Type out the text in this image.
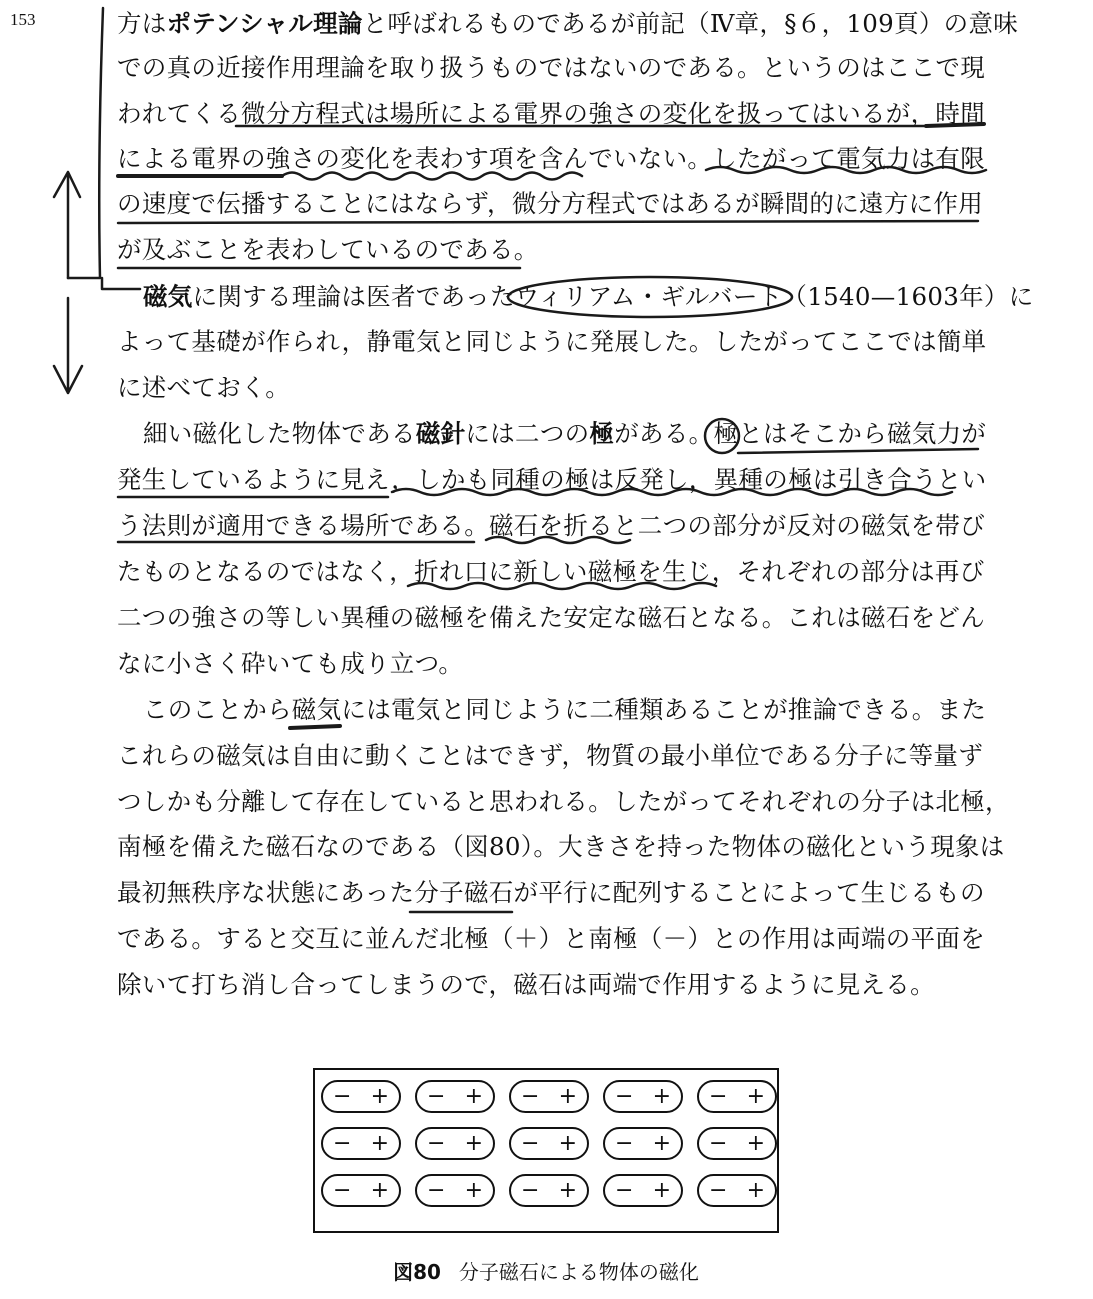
153	方はポテンシャル理論と呼ばれるものであるが前記（Ⅳ章，§６，109頁）の意味
での真の近接作用理論を取り扱うものではないのである。というのはここで現
われてくる微分方程式は場所による電界の強さの変化を扱ってはいるが，時間
による電界の強さの変化を表わす項を含んでいない。したがって電気力は有限
の速度で伝播することにはならず，微分方程式ではあるが瞬間的に遠方に作用
が及ぶことを表わしているのである。
磁気に関する理論は医者であったウィリアム・ギルバート（1540—1603年）に
よって基礎が作られ，静電気と同じように発展した。したがってここでは簡単
に述べておく。
細い磁化した物体である磁針には二つの極がある。極とはそこから磁気力が
発生しているように見え，しかも同種の極は反発し，異種の極は引き合うとい
う法則が適用できる場所である。磁石を折ると二つの部分が反対の磁気を帯び
たものとなるのではなく，折れ口に新しい磁極を生じ，それぞれの部分は再び
二つの強さの等しい異種の磁極を備えた安定な磁石となる。これは磁石をどん
なに小さく砕いても成り立つ。
このことから磁気には電気と同じように二種類あることが推論できる。また
これらの磁気は自由に動くことはできず，物質の最小単位である分子に等量ず
つしかも分離して存在していると思われる。したがってそれぞれの分子は北極，
南極を備えた磁石なのである（図80）。大きさを持った物体の磁化という現象は
最初無秩序な状態にあった分子磁石が平行に配列することによって生じるもの
である。すると交互に並んだ北極（＋）と南極（－）との作用は両端の平面を
除いて打ち消し合ってしまうので，磁石は両端で作用するように見える。
− + − + − + − + − +
− + − + − + − + − +
− + − + − + − + − +
図80 分子磁石による物体の磁化
